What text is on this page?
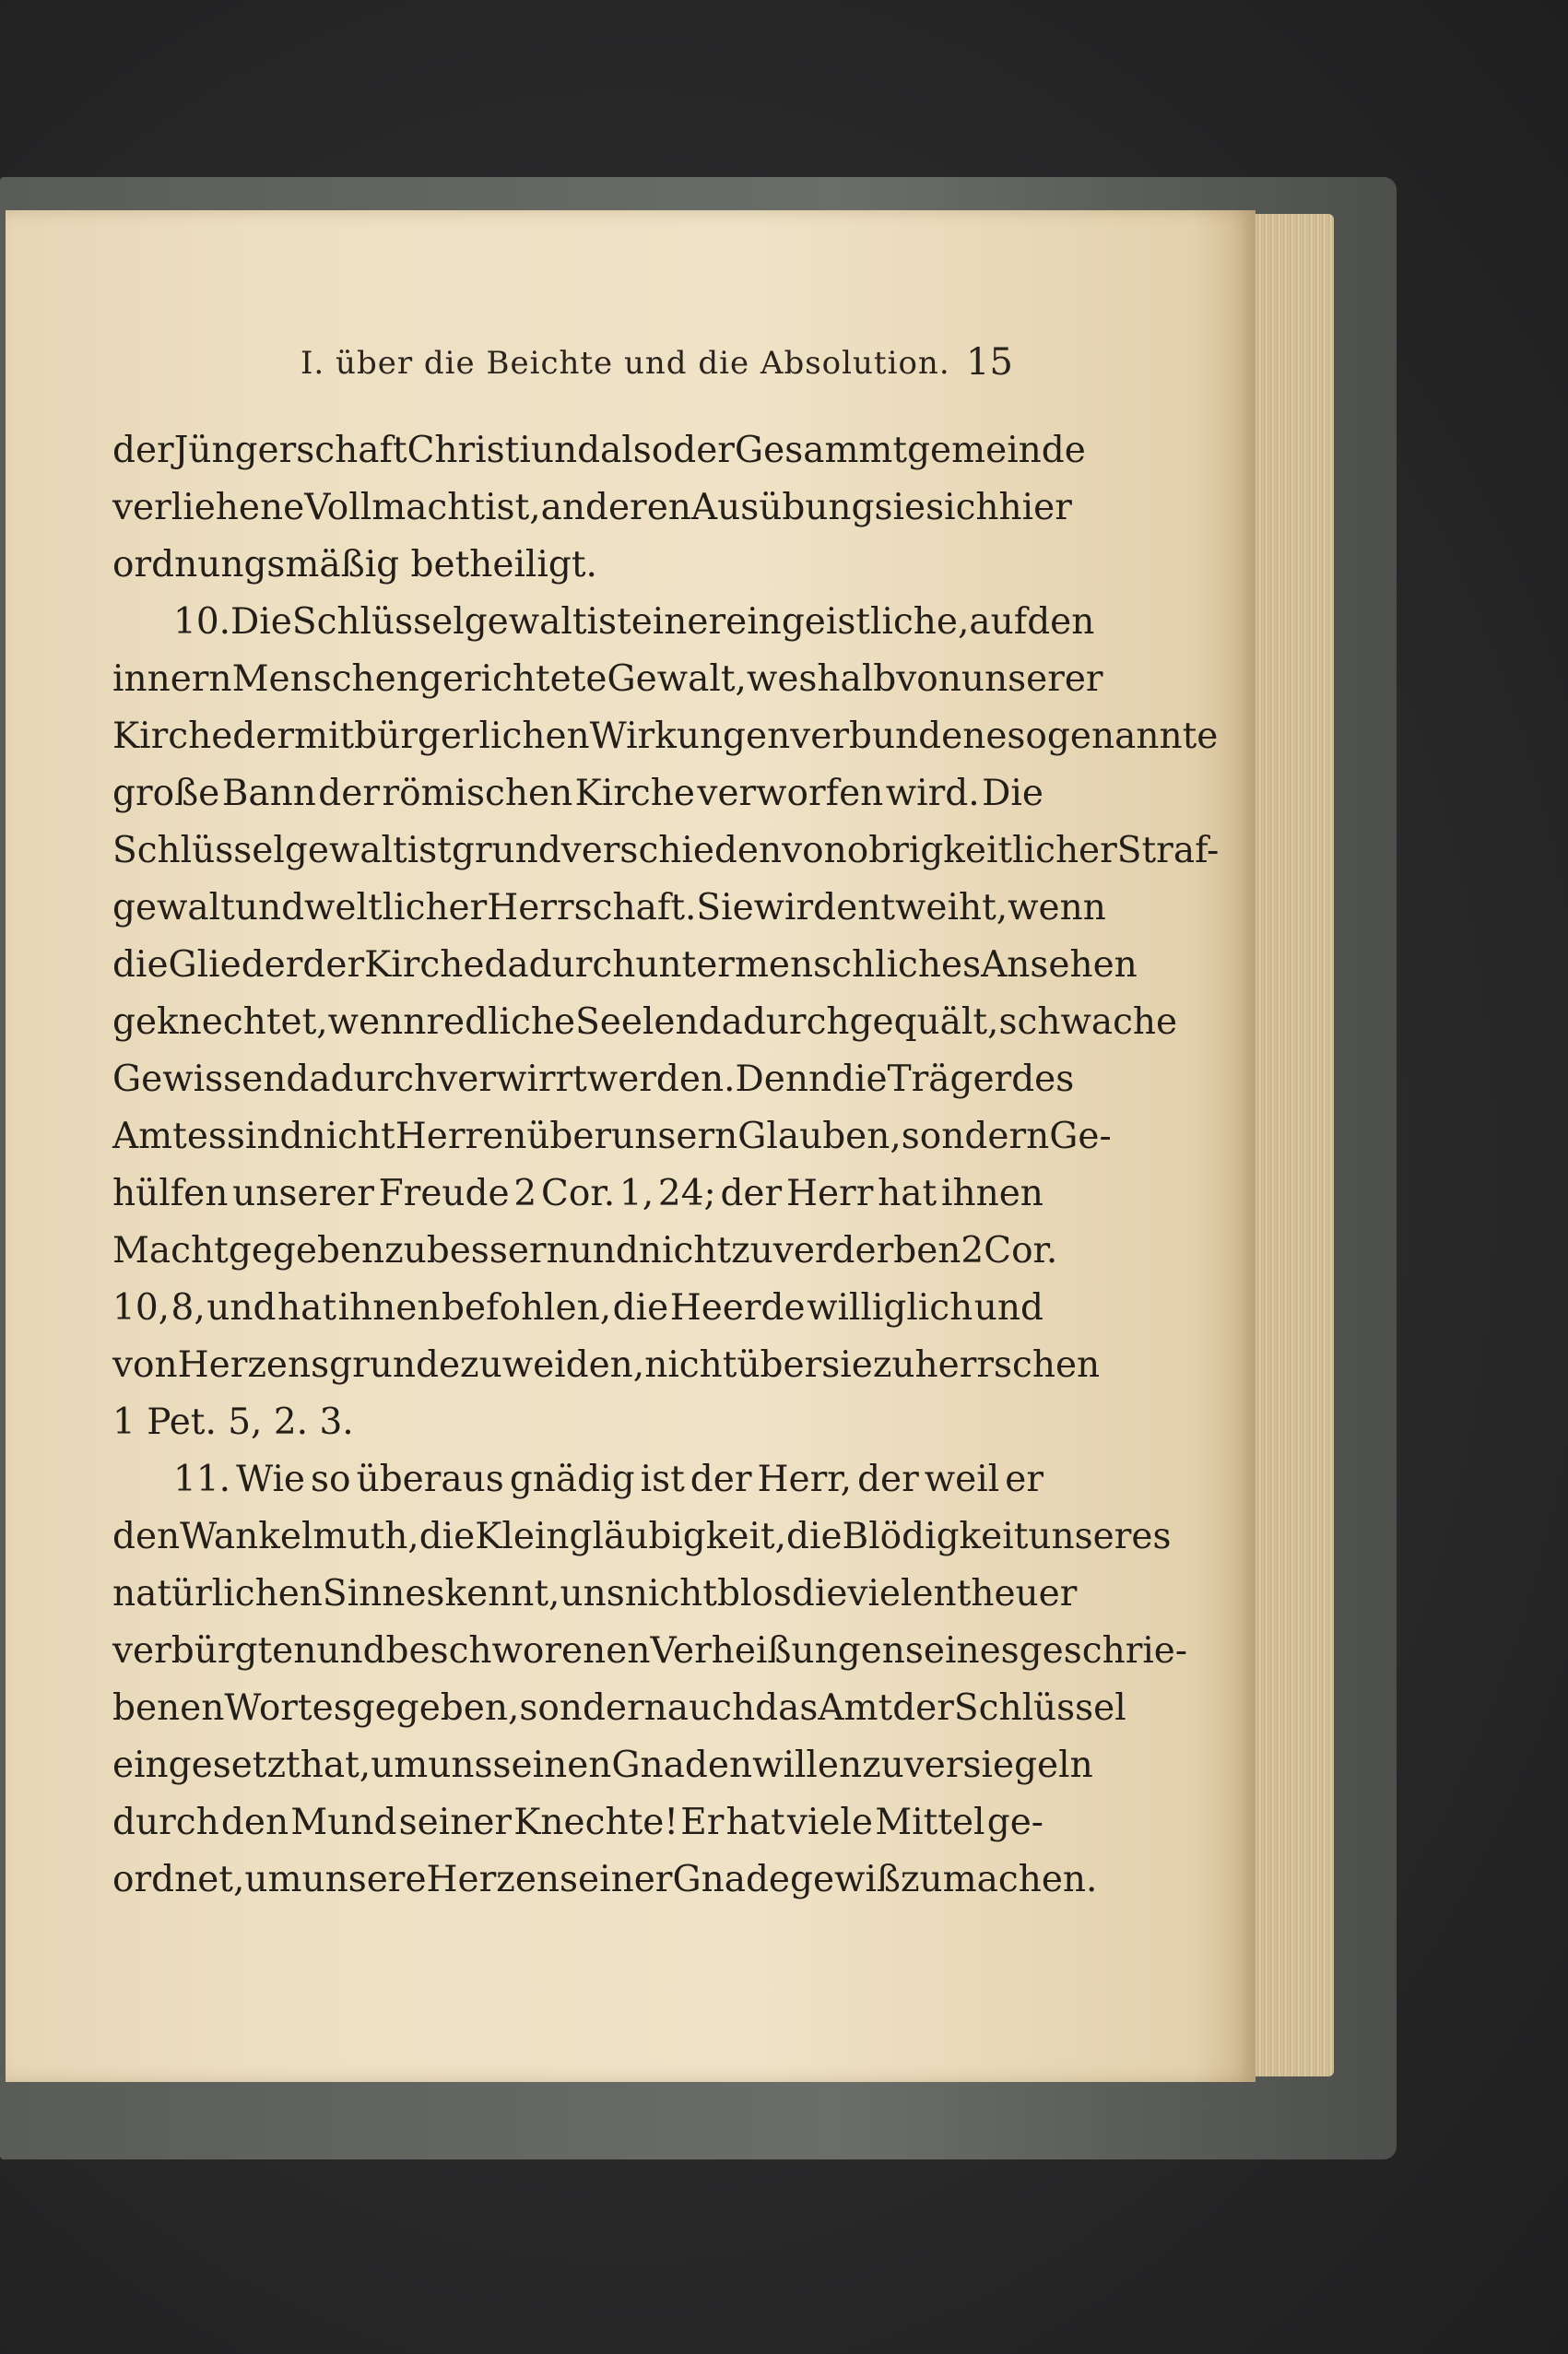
I. über die Beichte und die Absolution. 15
der Jüngerschaft Christi und also der Gesammtgemeinde
verliehene Vollmacht ist, an deren Ausübung sie sich hier
ordnungsmäßig betheiligt.
10. Die Schlüsselgewalt ist eine rein geistliche, auf den
innern Menschen gerichtete Gewalt, weshalb von unserer
Kirche der mit bürgerlichen Wirkungen verbundene sogenannte
große Bann der römischen Kirche verworfen wird. Die
Schlüsselgewalt ist grundverschieden von obrigkeitlicher Straf-
gewalt und weltlicher Herrschaft. Sie wird entweiht, wenn
die Glieder der Kirche dadurch unter menschliches Ansehen
geknechtet, wenn redliche Seelen dadurch gequält, schwache
Gewissen dadurch verwirrt werden. Denn die Träger des
Amtes sind nicht Herren über unsern Glauben, sondern Ge-
hülfen unserer Freude 2 Cor. 1, 24; der Herr hat ihnen
Macht gegeben zu bessern und nicht zu verderben 2 Cor.
10, 8, und hat ihnen befohlen, die Heerde williglich und
von Herzensgrunde zu weiden, nicht über sie zu herrschen
1 Pet. 5, 2. 3.
11. Wie so überaus gnädig ist der Herr, der weil er
den Wankelmuth, die Kleingläubigkeit, die Blödigkeit unseres
natürlichen Sinnes kennt, uns nicht blos die vielen theuer
verbürgten und beschworenen Verheißungen seines geschrie-
benen Wortes gegeben, sondern auch das Amt der Schlüssel
eingesetzt hat, um uns seinen Gnadenwillen zu versiegeln
durch den Mund seiner Knechte! Er hat viele Mittel ge-
ordnet, um unsere Herzen seiner Gnade gewiß zu machen.
